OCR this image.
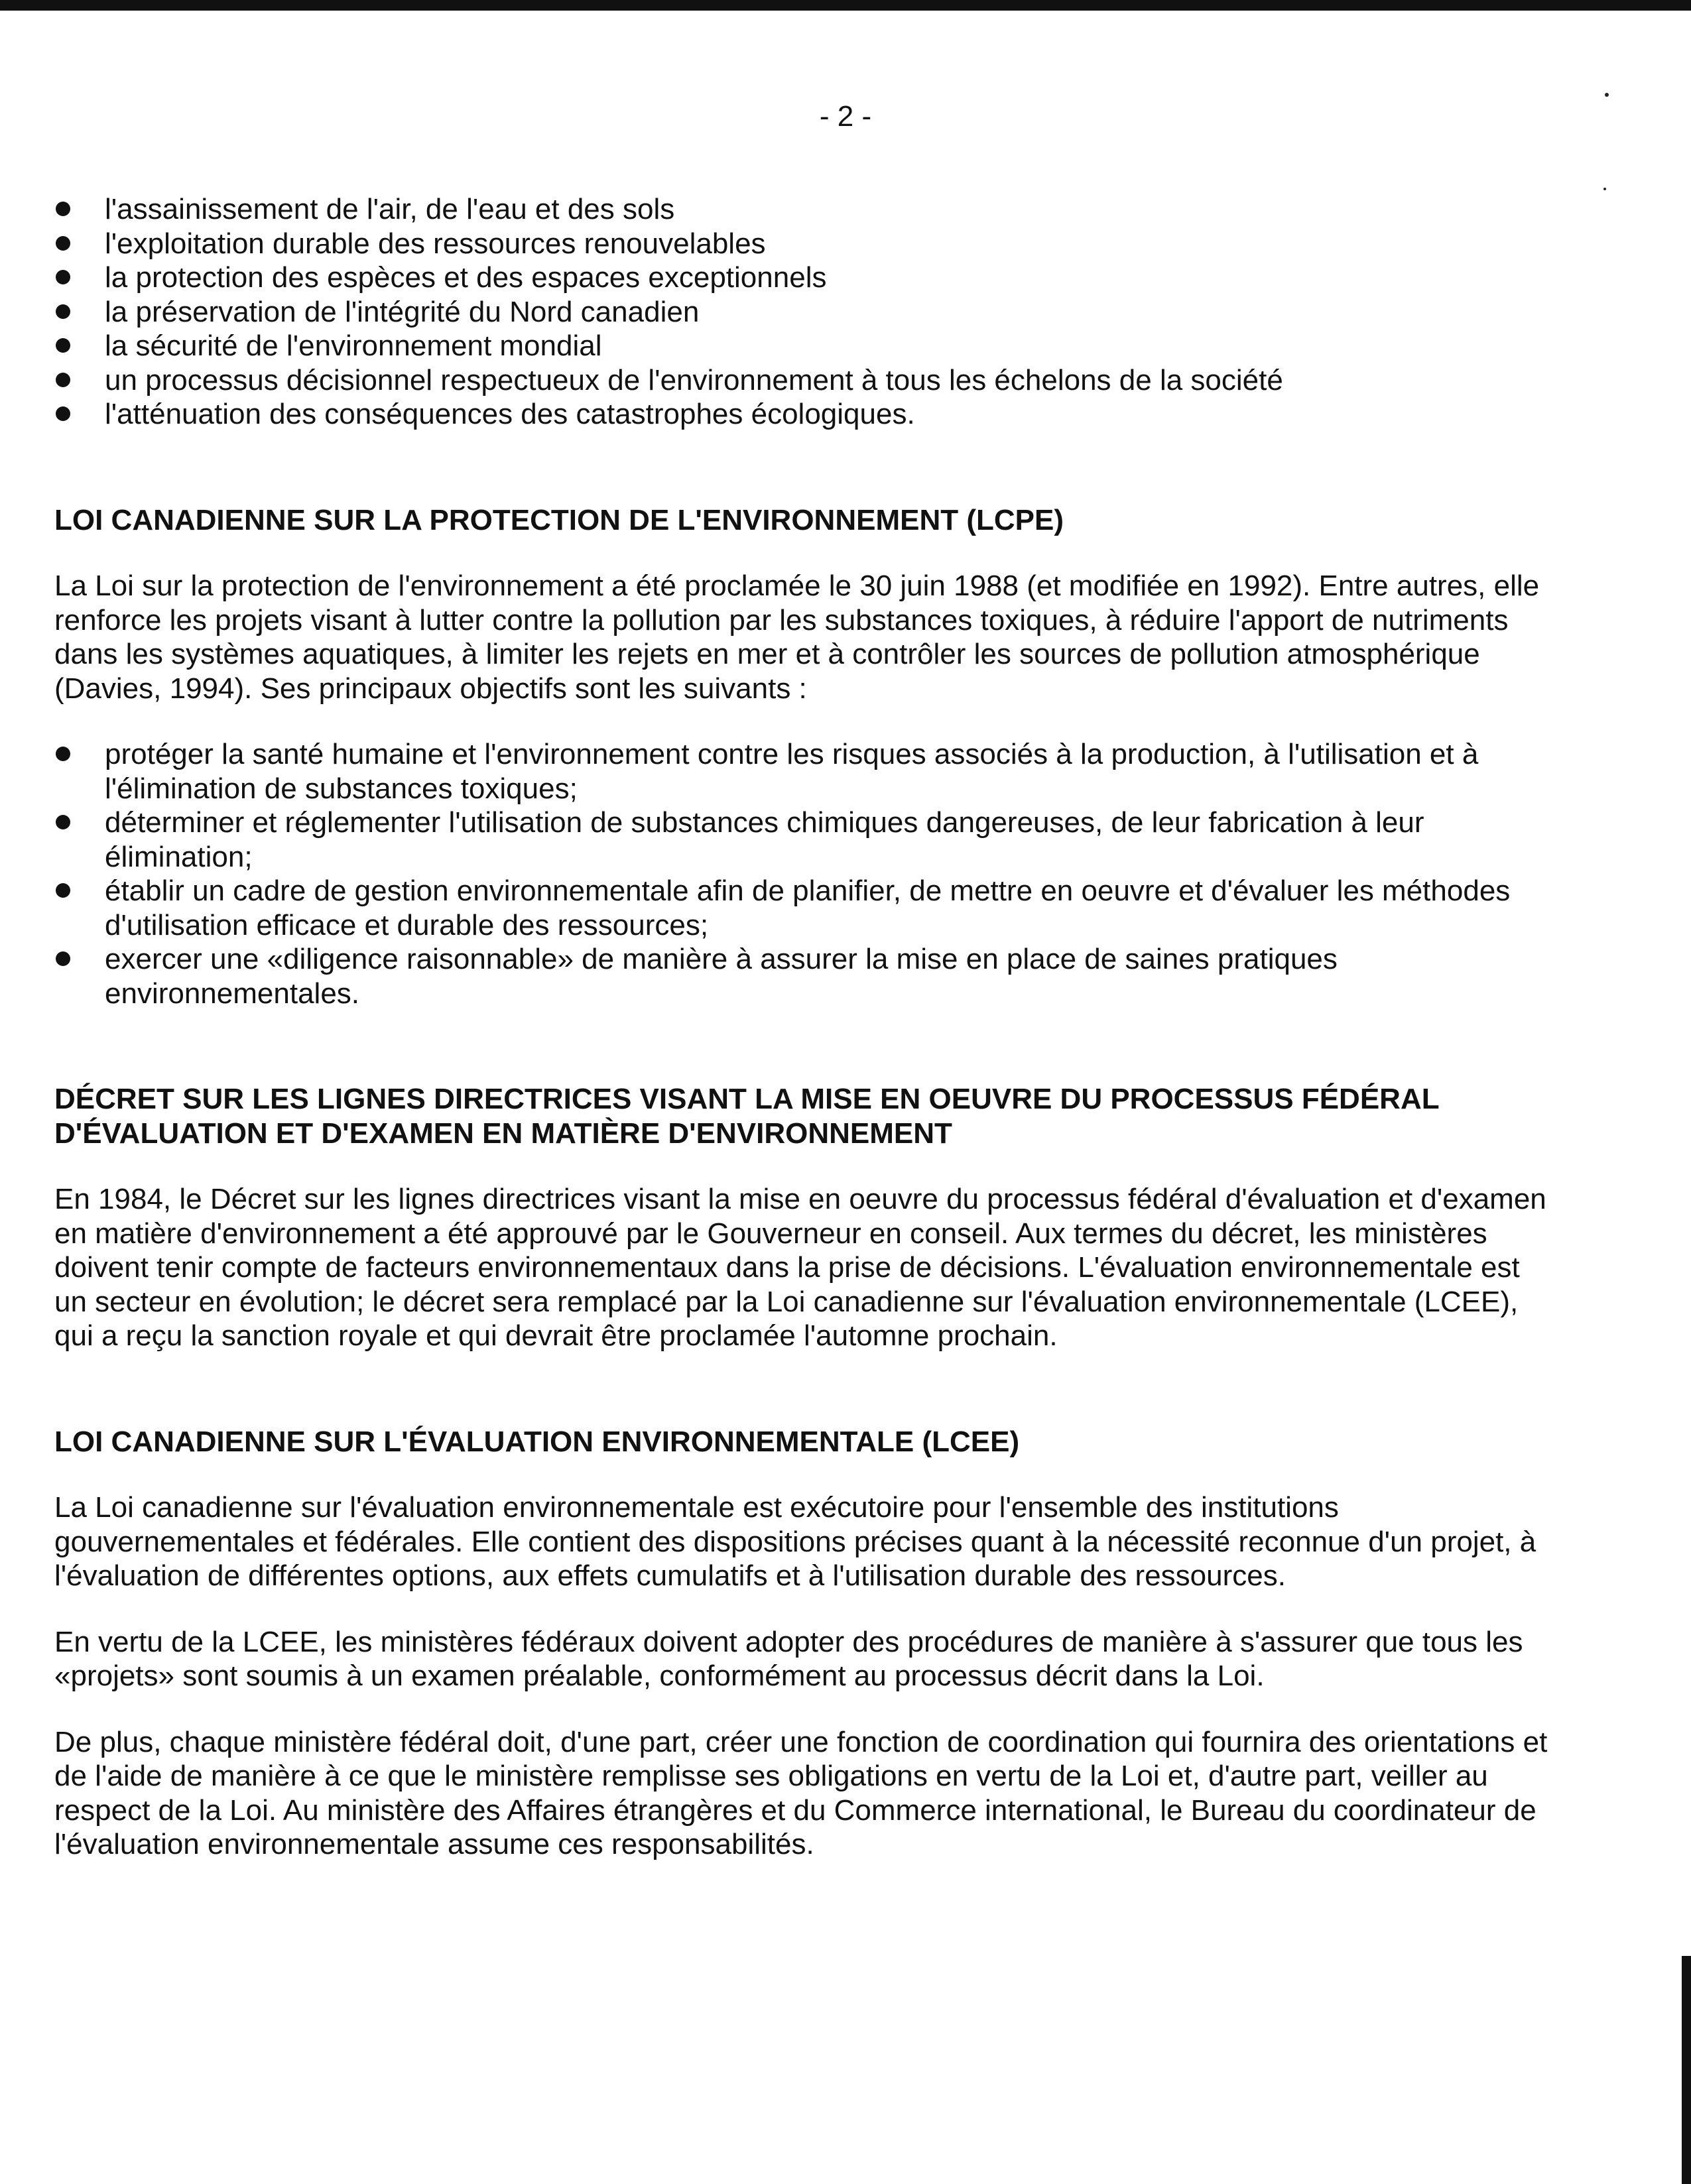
- 2 -
l'assainissement de l'air, de l'eau et des sols
l'exploitation durable des ressources renouvelables
la protection des espèces et des espaces exceptionnels
la préservation de l'intégrité du Nord canadien
la sécurité de l'environnement mondial
un processus décisionnel respectueux de l'environnement à tous les échelons de la société
l'atténuation des conséquences des catastrophes écologiques.
LOI CANADIENNE SUR LA PROTECTION DE L'ENVIRONNEMENT (LCPE)

La Loi sur la protection de l'environnement a été proclamée le 30 juin 1988 (et modifiée en 1992). Entre autres, elle renforce les projets visant à lutter contre la pollution par les substances toxiques, à réduire l'apport de nutriments dans les systèmes aquatiques, à limiter les rejets en mer et à contrôler les sources de pollution atmosphérique (Davies, 1994). Ses principaux objectifs sont les suivants :

protéger la santé humaine et l'environnement contre les risques associés à la production, à l'utilisation et à l'élimination de substances toxiques;
déterminer et réglementer l'utilisation de substances chimiques dangereuses, de leur fabrication à leur élimination;
établir un cadre de gestion environnementale afin de planifier, de mettre en oeuvre et d'évaluer les méthodes d'utilisation efficace et durable des ressources;
exercer une «diligence raisonnable» de manière à assurer la mise en place de saines pratiques environnementales.
DÉCRET SUR LES LIGNES DIRECTRICES VISANT LA MISE EN OEUVRE DU PROCESSUS FÉDÉRAL D'ÉVALUATION ET D'EXAMEN EN MATIÈRE D'ENVIRONNEMENT

En 1984, le Décret sur les lignes directrices visant la mise en oeuvre du processus fédéral d'évaluation et d'examen en matière d'environnement a été approuvé par le Gouverneur en conseil. Aux termes du décret, les ministères doivent tenir compte de facteurs environnementaux dans la prise de décisions. L'évaluation environnementale est un secteur en évolution; le décret sera remplacé par la Loi canadienne sur l'évaluation environnementale (LCEE), qui a reçu la sanction royale et qui devrait être proclamée l'automne prochain.

LOI CANADIENNE SUR L'ÉVALUATION ENVIRONNEMENTALE (LCEE)

La Loi canadienne sur l'évaluation environnementale est exécutoire pour l'ensemble des institutions gouvernementales et fédérales. Elle contient des dispositions précises quant à la nécessité reconnue d'un projet, à l'évaluation de différentes options, aux effets cumulatifs et à l'utilisation durable des ressources.

En vertu de la LCEE, les ministères fédéraux doivent adopter des procédures de manière à s'assurer que tous les «projets» sont soumis à un examen préalable, conformément au processus décrit dans la Loi.

De plus, chaque ministère fédéral doit, d'une part, créer une fonction de coordination qui fournira des orientations et de l'aide de manière à ce que le ministère remplisse ses obligations en vertu de la Loi et, d'autre part, veiller au respect de la Loi. Au ministère des Affaires étrangères et du Commerce international, le Bureau du coordinateur de l'évaluation environnementale assume ces responsabilités.
